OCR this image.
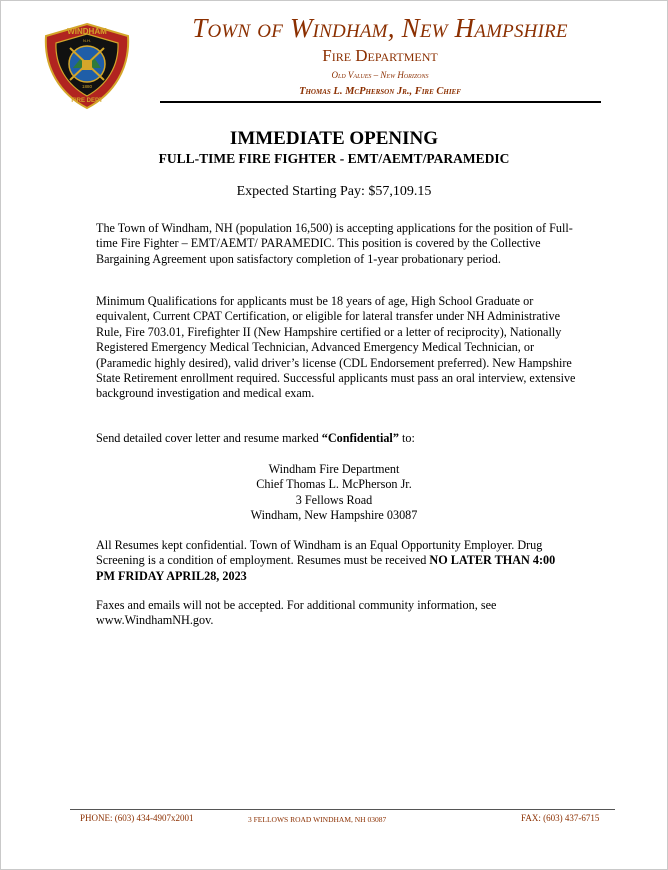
WINDHAM
N.H.
1880
FIRE DEPT
Town of Windham, New Hampshire
Fire Department
Old Values – New Horizons
Thomas L. McPherson Jr., Fire Chief
IMMEDIATE OPENING
FULL-TIME FIRE FIGHTER - EMT/AEMT/PARAMEDIC
Expected Starting Pay: $57,109.15
The Town of Windham, NH (population 16,500) is accepting applications for the position of Full-time Fire Fighter – EMT/AEMT/ PARAMEDIC. This position is covered by the Collective Bargaining Agreement upon satisfactory completion of 1-year probationary period.
Minimum Qualifications for applicants must be 18 years of age, High School Graduate or equivalent, Current CPAT Certification, or eligible for lateral transfer under NH Administrative Rule, Fire 703.01, Firefighter II (New Hampshire certified or a letter of reciprocity), Nationally Registered Emergency Medical Technician, Advanced Emergency Medical Technician, or (Paramedic highly desired), valid driver’s license (CDL Endorsement preferred). New Hampshire State Retirement enrollment required. Successful applicants must pass an oral interview, extensive background investigation and medical exam.
Send detailed cover letter and resume marked “Confidential” to:
Windham Fire Department
Chief Thomas L. McPherson Jr.
3 Fellows Road
Windham, New Hampshire 03087
All Resumes kept confidential. Town of Windham is an Equal Opportunity Employer. Drug Screening is a condition of employment. Resumes must be received NO LATER THAN 4:00 PM FRIDAY APRIL28, 2023
Faxes and emails will not be accepted. For additional community information, see www.WindhamNH.gov.
PHONE: (603) 434-4907x2001	3 FELLOWS ROAD WINDHAM, NH 03087	FAX: (603) 437-6715
